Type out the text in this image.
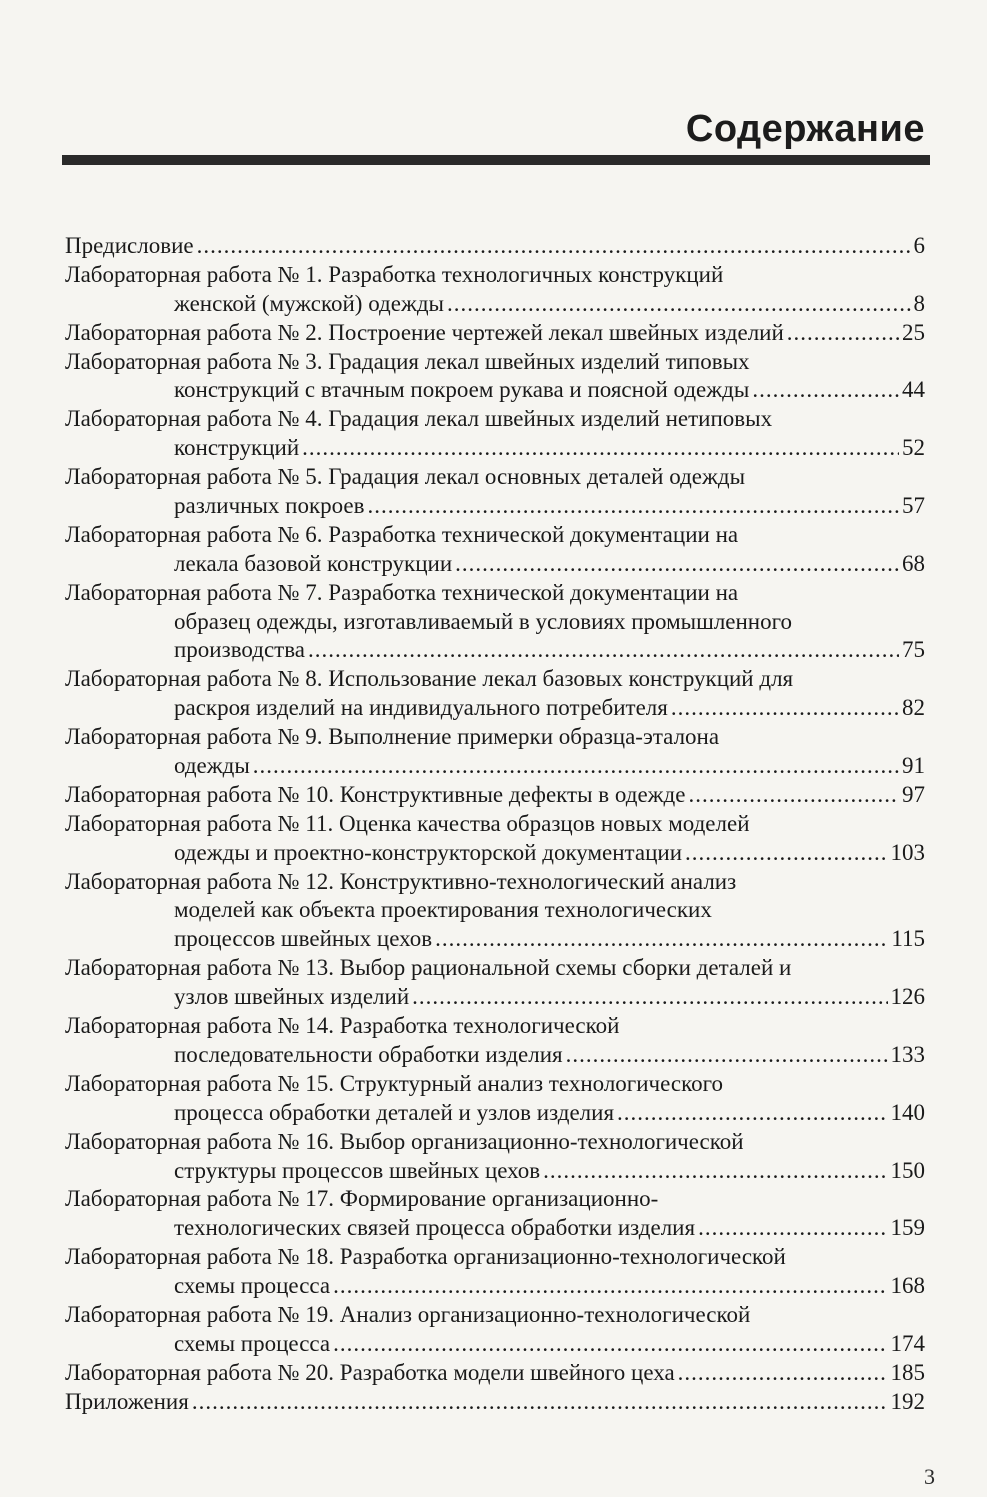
Содержание
Предисловие .....	6
Лабораторная работа № 1. Разработка технологичных конструкций
женской (мужской) одежды .....	8
Лабораторная работа № 2. Построение чертежей лекал швейных изделий .....	25
Лабораторная работа № 3. Градация лекал швейных изделий типовых
конструкций с втачным покроем рукава и поясной одежды .....	44
Лабораторная работа № 4. Градация лекал швейных изделий нетиповых
конструкций .....	52
Лабораторная работа № 5. Градация лекал основных деталей одежды
различных покроев .....	57
Лабораторная работа № 6. Разработка технической документации на
лекала базовой конструкции .....	68
Лабораторная работа № 7. Разработка технической документации на
образец одежды, изготавливаемый в условиях промышленного
производства .....	75
Лабораторная работа № 8. Использование лекал базовых конструкций для
раскроя изделий на индивидуального потребителя .....	82
Лабораторная работа № 9. Выполнение примерки образца-эталона
одежды .....	91
Лабораторная работа № 10. Конструктивные дефекты в одежде .....	97
Лабораторная работа № 11. Оценка качества образцов новых моделей
одежды и проектно-конструкторской документации .....	103
Лабораторная работа № 12. Конструктивно-технологический анализ
моделей как объекта проектирования технологических
процессов швейных цехов .....	115
Лабораторная работа № 13. Выбор рациональной схемы сборки деталей и
узлов швейных изделий .....	126
Лабораторная работа № 14. Разработка технологической
последовательности обработки изделия .....	133
Лабораторная работа № 15. Структурный анализ технологического
процесса обработки деталей и узлов изделия .....	140
Лабораторная работа № 16. Выбор организационно-технологической
структуры процессов швейных цехов .....	150
Лабораторная работа № 17. Формирование организационно-
технологических связей процесса обработки изделия .....	159
Лабораторная работа № 18. Разработка организационно-технологической
схемы процесса .....	168
Лабораторная работа № 19. Анализ организационно-технологической
схемы процесса .....	174
Лабораторная работа № 20. Разработка модели швейного цеха .....	185
Приложения .....	192
3
